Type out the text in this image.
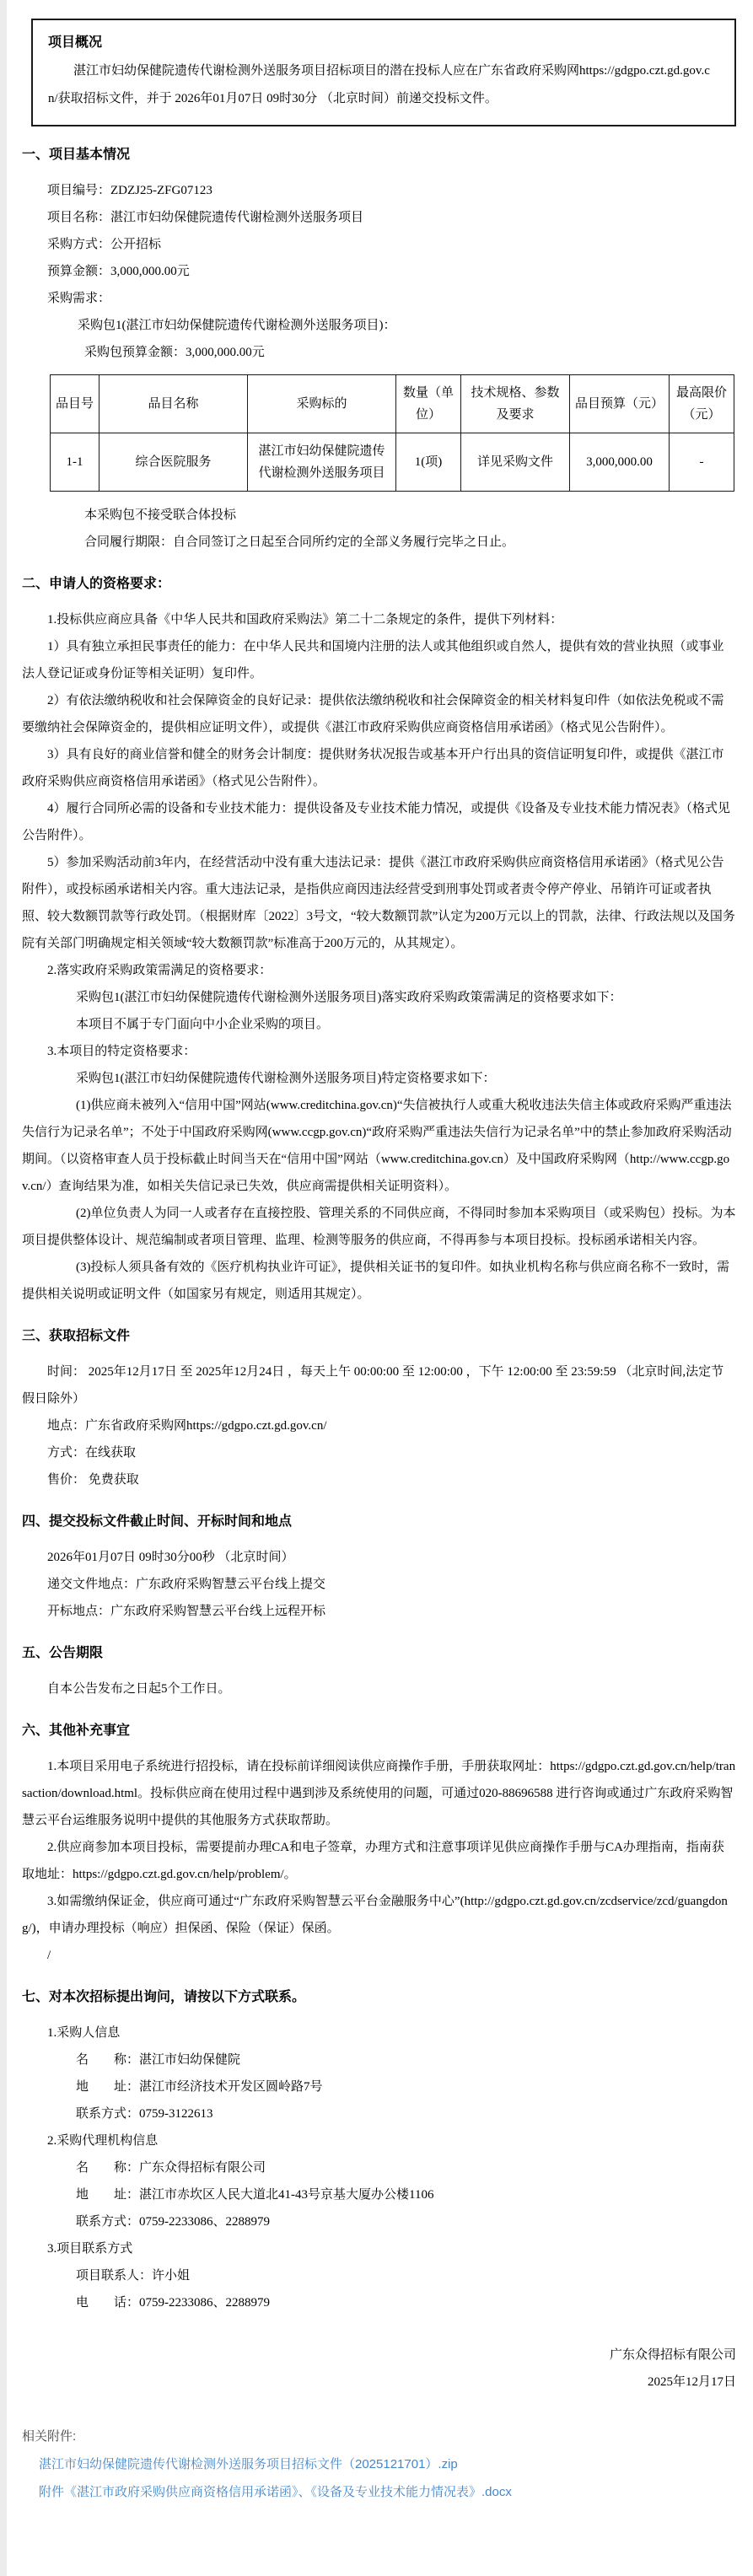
项目概况

湛江市妇幼保健院遗传代谢检测外送服务项目招标项目的潜在投标人应在广东省政府采购网https://gdgpo.czt.gd.gov.cn/获取招标文件，并于 2026年01月07日 09时30分 （北京时间）前递交投标文件。

一、项目基本情况

项目编号：ZDZJ25-ZFG07123

项目名称：湛江市妇幼保健院遗传代谢检测外送服务项目

采购方式：公开招标

预算金额：3,000,000.00元

采购需求：

采购包1(湛江市妇幼保健院遗传代谢检测外送服务项目)：

采购包预算金额：3,000,000.00元

品目号	品目名称	采购标的	数量（单位）	技术规格、参数及要求	品目预算（元）	最高限价（元）
1-1	综合医院服务	湛江市妇幼保健院遗传代谢检测外送服务项目	1(项)	详见采购文件	3,000,000.00	-

本采购包不接受联合体投标

合同履行期限：自合同签订之日起至合同所约定的全部义务履行完毕之日止。

二、申请人的资格要求：

1.投标供应商应具备《中华人民共和国政府采购法》第二十二条规定的条件，提供下列材料：

1）具有独立承担民事责任的能力：在中华人民共和国境内注册的法人或其他组织或自然人，提供有效的营业执照（或事业法人登记证或身份证等相关证明）复印件。

2）有依法缴纳税收和社会保障资金的良好记录：提供依法缴纳税收和社会保障资金的相关材料复印件（如依法免税或不需要缴纳社会保障资金的，提供相应证明文件），或提供《湛江市政府采购供应商资格信用承诺函》（格式见公告附件）。

3）具有良好的商业信誉和健全的财务会计制度：提供财务状况报告或基本开户行出具的资信证明复印件，或提供《湛江市政府采购供应商资格信用承诺函》（格式见公告附件）。

4）履行合同所必需的设备和专业技术能力：提供设备及专业技术能力情况，或提供《设备及专业技术能力情况表》（格式见公告附件）。

5）参加采购活动前3年内，在经营活动中没有重大违法记录：提供《湛江市政府采购供应商资格信用承诺函》（格式见公告附件），或投标函承诺相关内容。重大违法记录，是指供应商因违法经营受到刑事处罚或者责令停产停业、吊销许可证或者执照、较大数额罚款等行政处罚。（根据财库〔2022〕3号文，“较大数额罚款”认定为200万元以上的罚款，法律、行政法规以及国务院有关部门明确规定相关领域“较大数额罚款”标准高于200万元的，从其规定）。

2.落实政府采购政策需满足的资格要求：

采购包1(湛江市妇幼保健院遗传代谢检测外送服务项目)落实政府采购政策需满足的资格要求如下：

本项目不属于专门面向中小企业采购的项目。

3.本项目的特定资格要求：

采购包1(湛江市妇幼保健院遗传代谢检测外送服务项目)特定资格要求如下：

(1)供应商未被列入“信用中国”网站(www.creditchina.gov.cn)“失信被执行人或重大税收违法失信主体或政府采购严重违法失信行为记录名单”；不处于中国政府采购网(www.ccgp.gov.cn)“政府采购严重违法失信行为记录名单”中的禁止参加政府采购活动期间。（以资格审查人员于投标截止时间当天在“信用中国”网站（www.creditchina.gov.cn）及中国政府采购网（http://www.ccgp.gov.cn/）查询结果为准，如相关失信记录已失效，供应商需提供相关证明资料）。

(2)单位负责人为同一人或者存在直接控股、管理关系的不同供应商，不得同时参加本采购项目（或采购包）投标。为本项目提供整体设计、规范编制或者项目管理、监理、检测等服务的供应商，不得再参与本项目投标。投标函承诺相关内容。

(3)投标人须具备有效的《医疗机构执业许可证》，提供相关证书的复印件。如执业机构名称与供应商名称不一致时，需提供相关说明或证明文件（如国家另有规定，则适用其规定）。

三、获取招标文件

时间： 2025年12月17日 至 2025年12月24日 ，每天上午 00:00:00 至 12:00:00 ，下午 12:00:00 至 23:59:59 （北京时间,法定节假日除外）

地点：广东省政府采购网https://gdgpo.czt.gd.gov.cn/

方式：在线获取

售价： 免费获取

四、提交投标文件截止时间、开标时间和地点

2026年01月07日 09时30分00秒 （北京时间）

递交文件地点：广东政府采购智慧云平台线上提交

开标地点：广东政府采购智慧云平台线上远程开标

五、公告期限

自本公告发布之日起5个工作日。

六、其他补充事宜

1.本项目采用电子系统进行招投标，请在投标前详细阅读供应商操作手册，手册获取网址：https://gdgpo.czt.gd.gov.cn/help/transaction/download.html。投标供应商在使用过程中遇到涉及系统使用的问题，可通过020-88696588 进行咨询或通过广东政府采购智慧云平台运维服务说明中提供的其他服务方式获取帮助。

2.供应商参加本项目投标，需要提前办理CA和电子签章，办理方式和注意事项详见供应商操作手册与CA办理指南，指南获取地址：https://gdgpo.czt.gd.gov.cn/help/problem/。

3.如需缴纳保证金，供应商可通过“广东政府采购智慧云平台金融服务中心”(http://gdgpo.czt.gd.gov.cn/zcdservice/zcd/guangdong/)，申请办理投标（响应）担保函、保险（保证）保函。

/

七、对本次招标提出询问，请按以下方式联系。

1.采购人信息

名　　称：湛江市妇幼保健院

地　　址：湛江市经济技术开发区圆岭路7号

联系方式：0759-3122613

2.采购代理机构信息

名　　称：广东众得招标有限公司

地　　址：湛江市赤坎区人民大道北41-43号京基大厦办公楼1106

联系方式：0759-2233086、2288979

3.项目联系方式

项目联系人：许小姐

电　　话：0759-2233086、2288979

广东众得招标有限公司

2025年12月17日

相关附件:

湛江市妇幼保健院遗传代谢检测外送服务项目招标文件（2025121701）.zip
附件《湛江市政府采购供应商资格信用承诺函》、《设备及专业技术能力情况表》.docx
